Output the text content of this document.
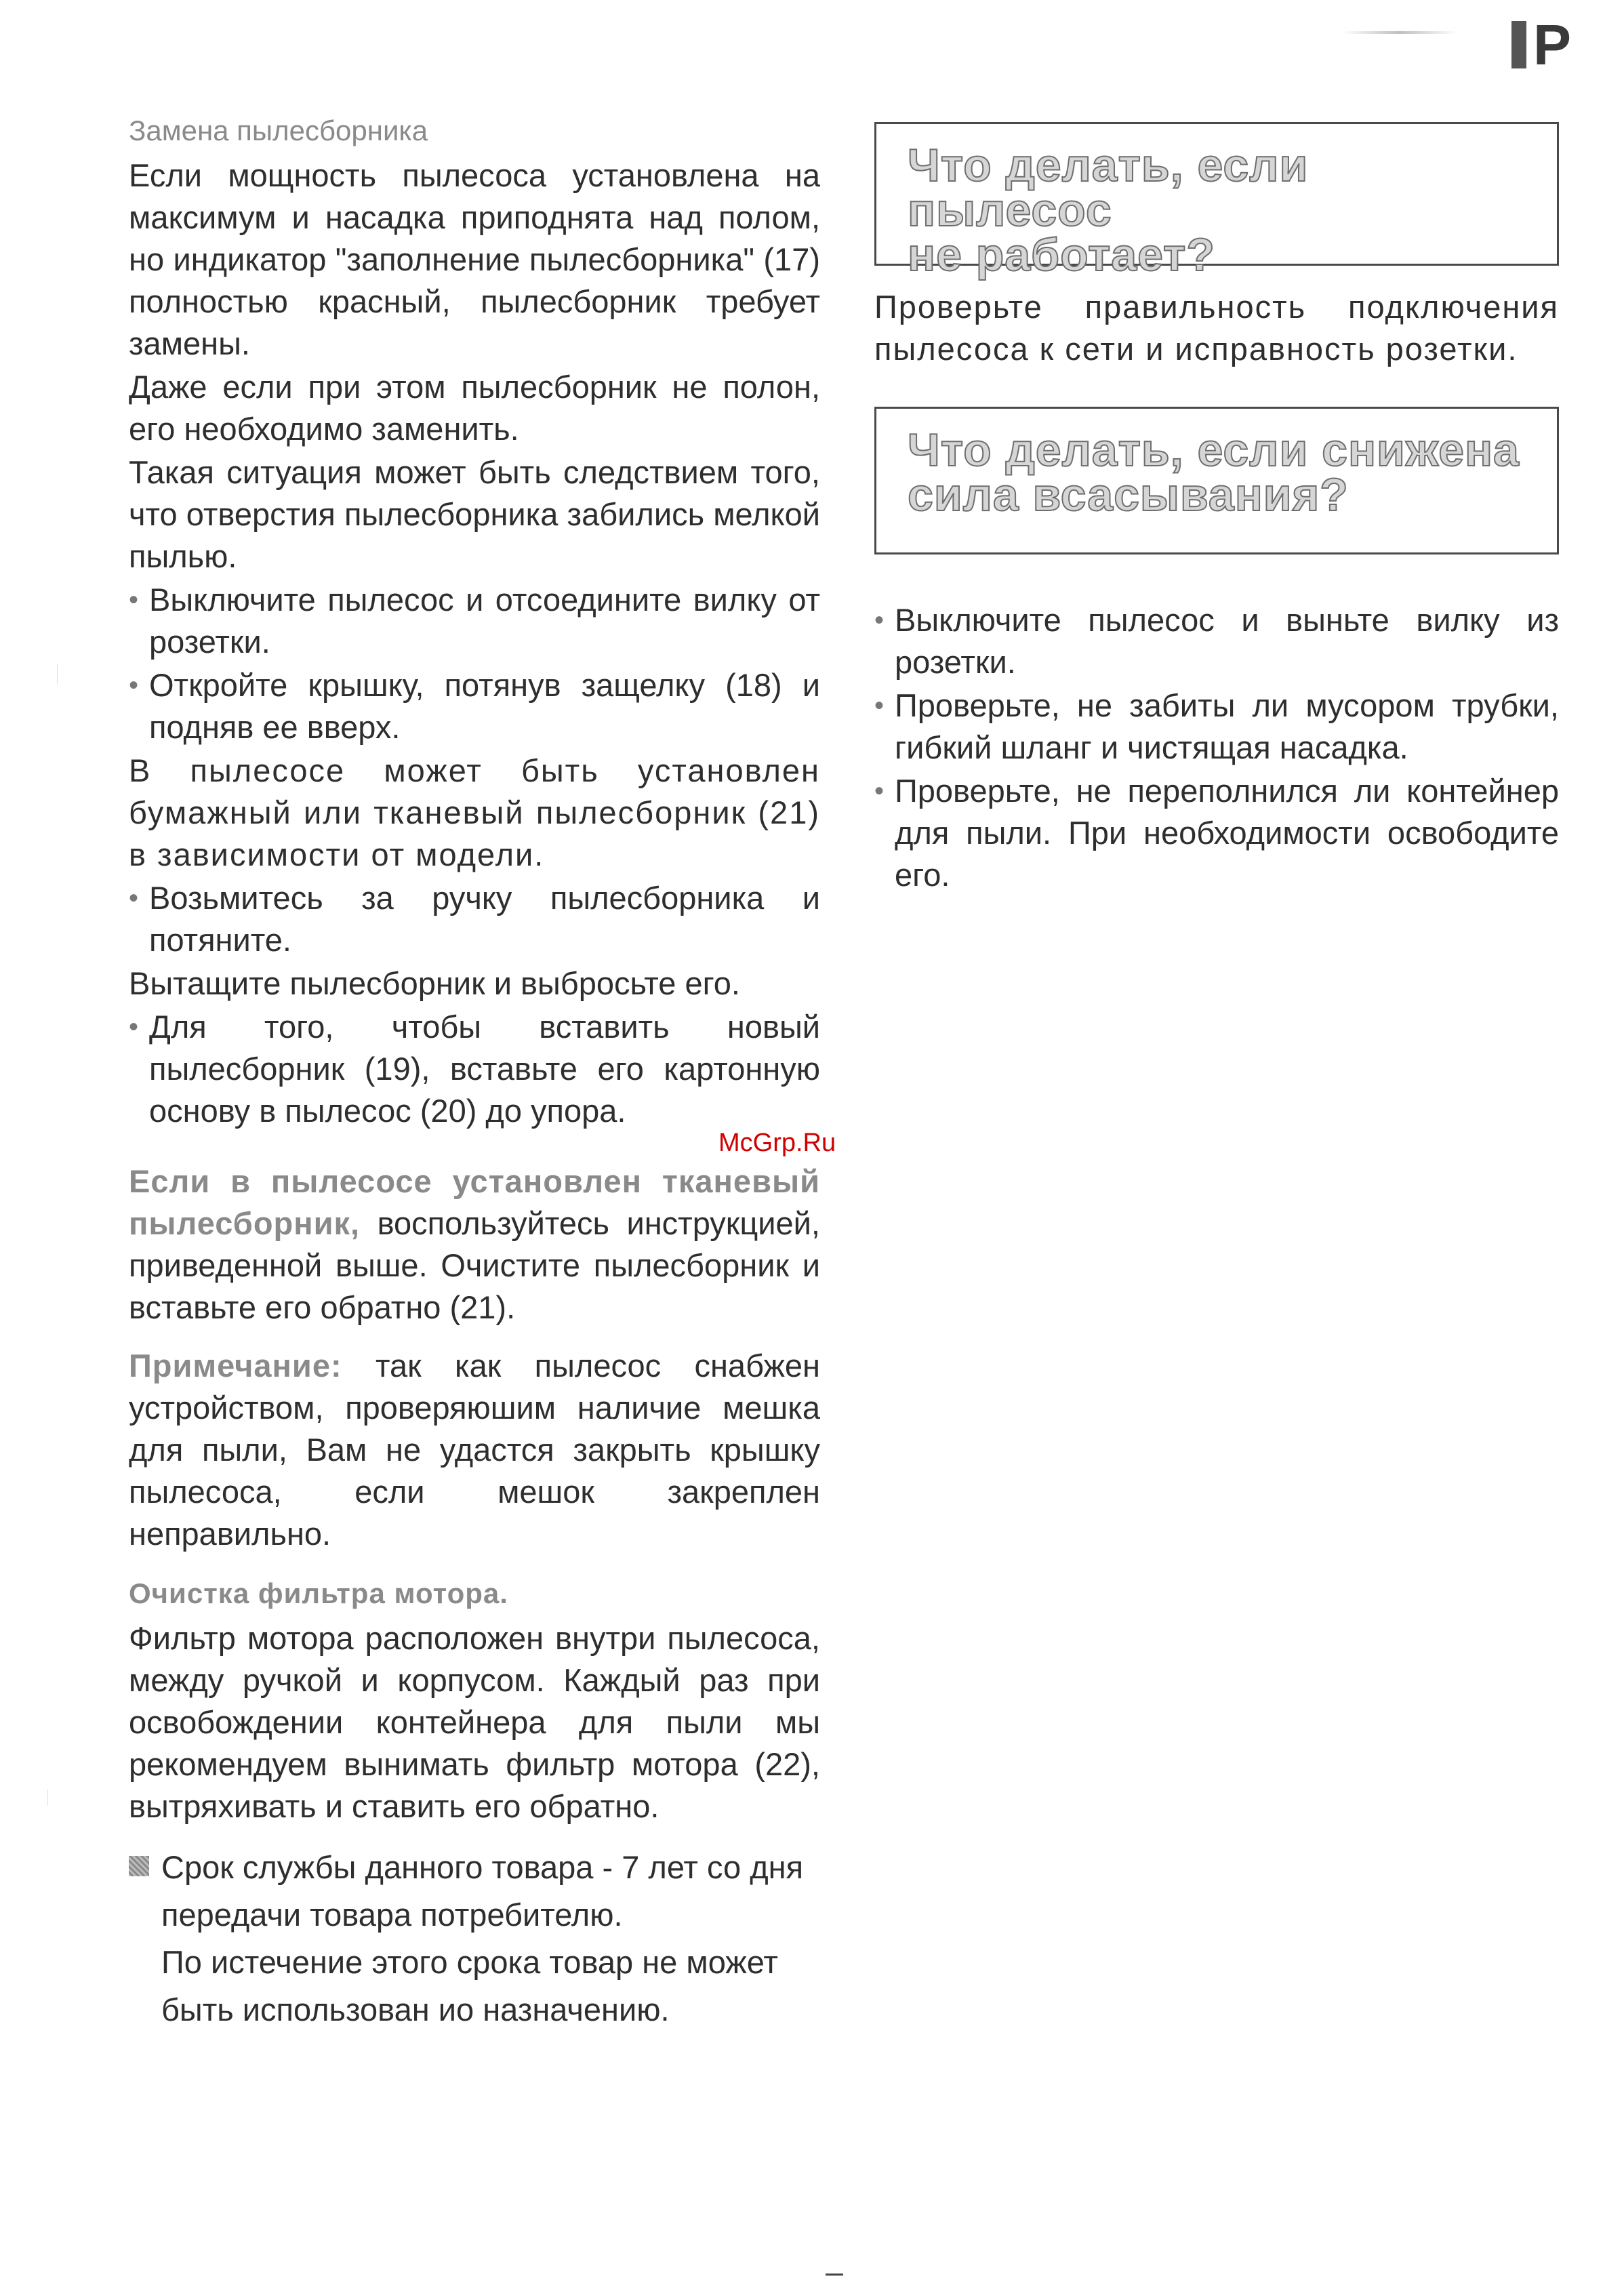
P
Замена пылесборника

Если мощность пылесоса установлена на максимум и насадка приподнята над полом, но индикатор "заполнение пылесборника" (17) полностью красный, пылесборник требует замены.

Даже если при этом пылесборник не полон, его необходимо заменить.

Такая ситуация может быть следствием того, что отверстия пылесборника забились мелкой пылью.

• Выключите пылесос и отсоедините вилку от розетки.
• Откройте крышку, потянув защелку (18) и подняв ее вверх.

В пылесосе может быть установлен бумажный или тканевый пылесборник (21) в зависимости от модели.

• Возьмитесь за ручку пылесборника и потяните.

Вытащите пылесборник и выбросьте его.

• Для того, чтобы вставить новый пылесборник (19), вставьте его картонную основу в пылесос (20) до упора.

Если в пылесосе установлен тканевый пылесборник, воспользуйтесь инструкцией, приведенной выше. Очистите пылесборник и вставьте его обратно (21).

Примечание: так как пылесос снабжен устройством, проверяюшим наличие мешка для пыли, Вам не удастся закрыть крышку пылесоса, если мешок закреплен неправильно.

Очистка фильтра мотора.

Фильтр мотора расположен внутри пылесоса, между ручкой и корпусом. Каждый раз при освобождении контейнера для пыли мы рекомендуем вынимать фильтр мотора (22), вытряхивать и ставить его обратно.

Срок службы данного товара - 7 лет со дня
передачи товара потребителю.
По истечение этого срока товар не может
быть использован ио назначению.
Что делать, если пылесос
не работает?

Проверьте правильность подключения пылесоса к сети и исправность розетки.

Что делать, если снижена
сила всасывания?
• Выключите пылесос и выньте вилку из розетки.
• Проверьте, не забиты ли мусором трубки, гибкий шланг и чистящая насадка.
• Проверьте, не переполнился ли контейнер для пыли. При необходимости освободите его.
McGrp.Ru
